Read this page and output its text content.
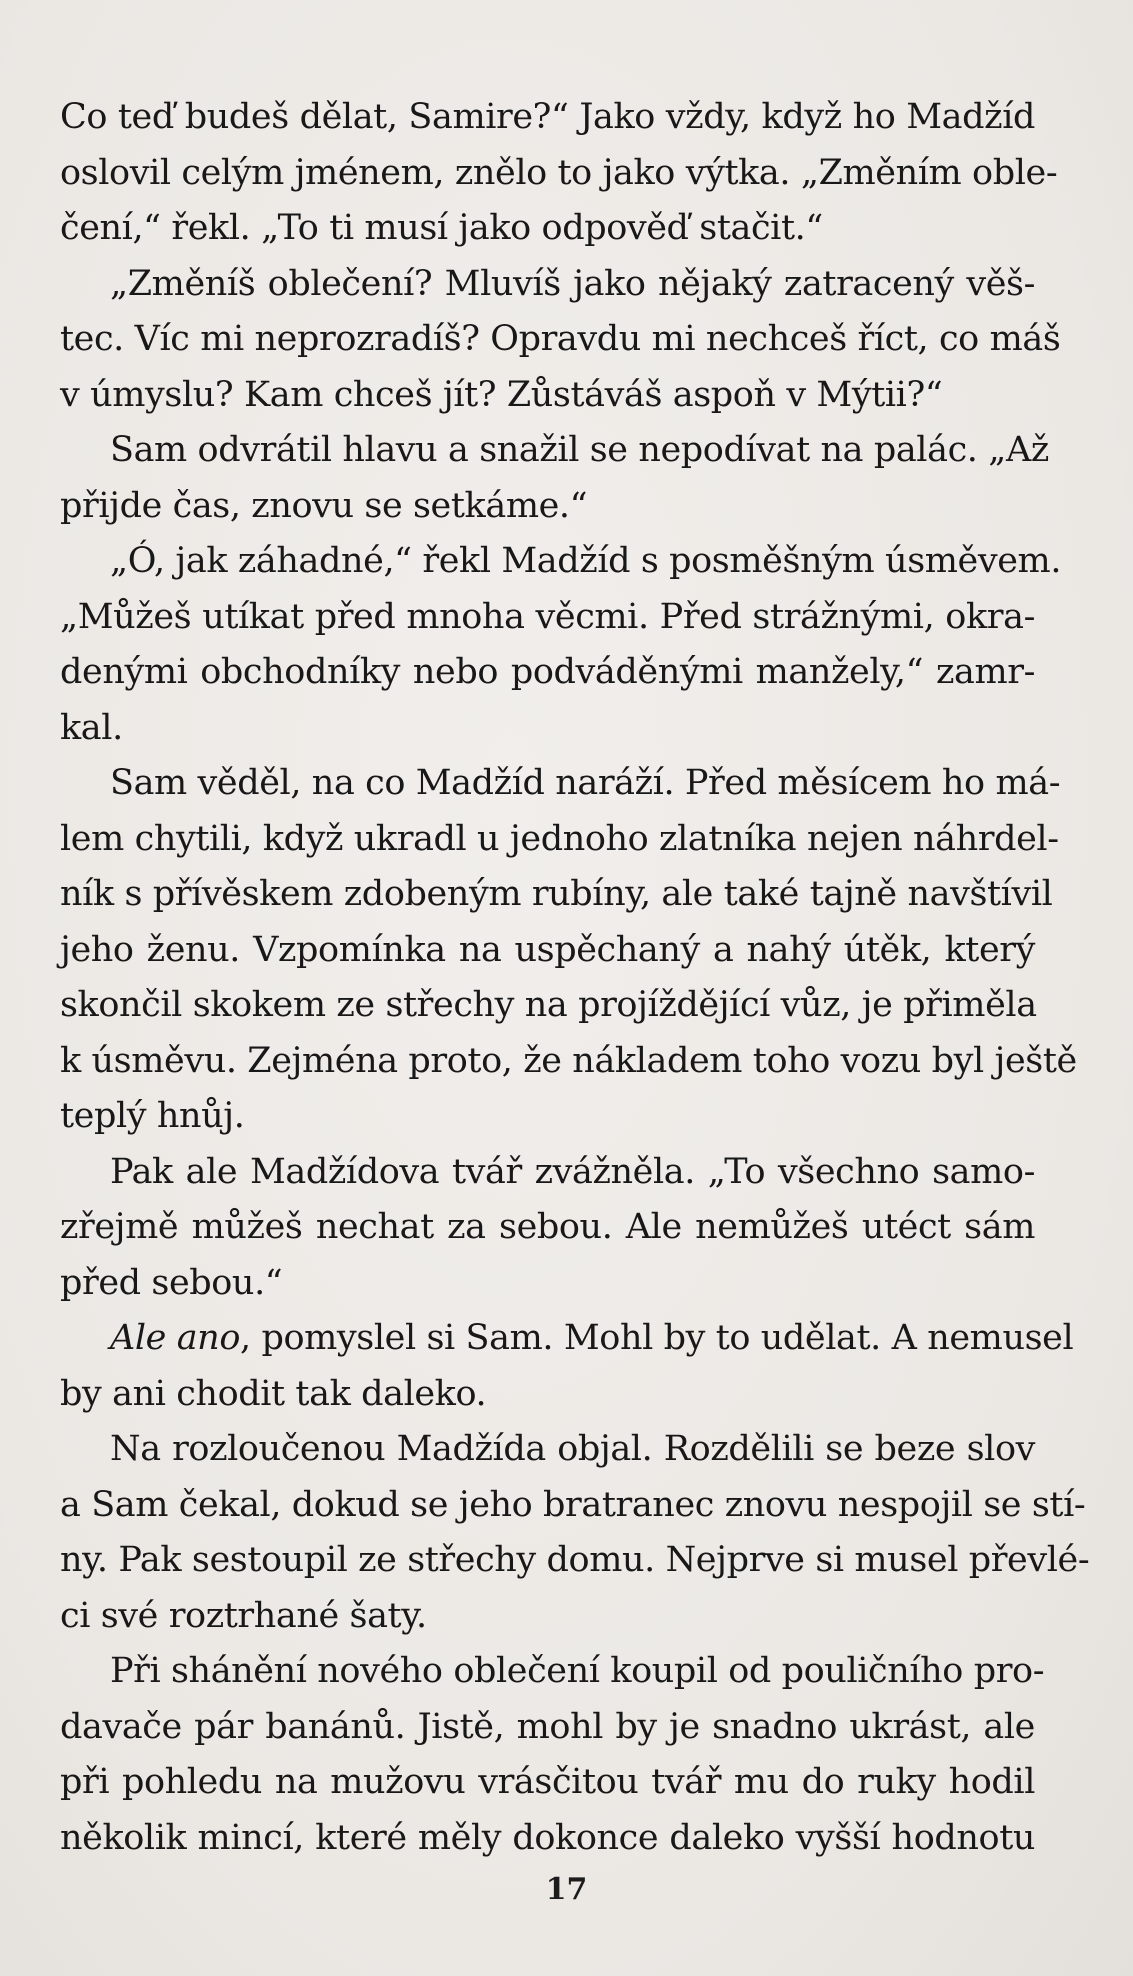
Co teď budeš dělat, Samire?“ Jako vždy, když ho Madžíd
oslovil celým jménem, znělo to jako výtka. „Změním oble-
čení,“ řekl. „To ti musí jako odpověď stačit.“
„Změníš oblečení? Mluvíš jako nějaký zatracený věš-
tec. Víc mi neprozradíš? Opravdu mi nechceš říct, co máš
v úmyslu? Kam chceš jít? Zůstáváš aspoň v Mýtii?“
Sam odvrátil hlavu a snažil se nepodívat na palác. „Až
přijde čas, znovu se setkáme.“
„Ó, jak záhadné,“ řekl Madžíd s posměšným úsměvem.
„Můžeš utíkat před mnoha věcmi. Před strážnými, okra-
denými obchodníky nebo podváděnými manžely,“ zamr-
kal.
Sam věděl, na co Madžíd naráží. Před měsícem ho má-
lem chytili, když ukradl u jednoho zlatníka nejen náhrdel-
ník s přívěskem zdobeným rubíny, ale také tajně navštívil
jeho ženu. Vzpomínka na uspěchaný a nahý útěk, který
skončil skokem ze střechy na projíždějící vůz, je přiměla
k úsměvu. Zejména proto, že nákladem toho vozu byl ještě
teplý hnůj.
Pak ale Madžídova tvář zvážněla. „To všechno samo-
zřejmě můžeš nechat za sebou. Ale nemůžeš utéct sám
před sebou.“
Ale ano, pomyslel si Sam. Mohl by to udělat. A nemusel
by ani chodit tak daleko.
Na rozloučenou Madžída objal. Rozdělili se beze slov
a Sam čekal, dokud se jeho bratranec znovu nespojil se stí-
ny. Pak sestoupil ze střechy domu. Nejprve si musel převlé-
ci své roztrhané šaty.
Při shánění nového oblečení koupil od pouličního pro-
davače pár banánů. Jistě, mohl by je snadno ukrást, ale
při pohledu na mužovu vrásčitou tvář mu do ruky hodil
několik mincí, které měly dokonce daleko vyšší hodnotu
17
